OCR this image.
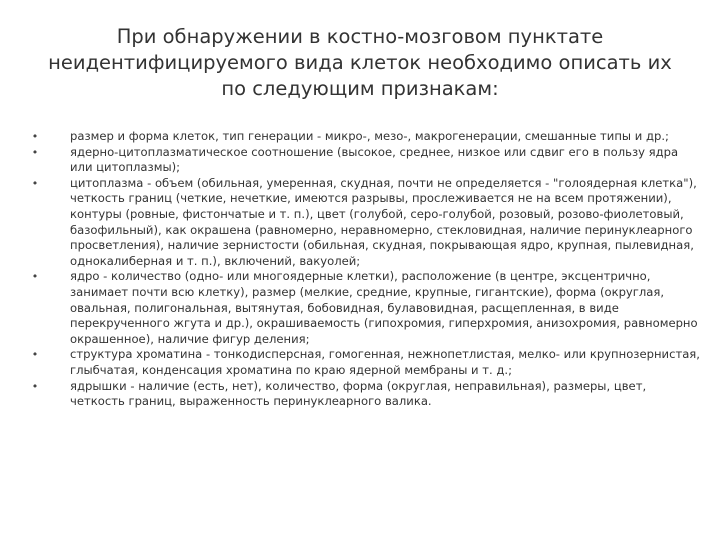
При обнаружении в костно-мозговом пунктате неидентифицируемого вида клеток необходимо описать их по следующим признакам:
•	размер и форма клеток, тип генерации - микро-, мезо-, макрогенерации, смешанные типы и др.;
•	ядерно-цитоплазматическое соотношение (высокое, среднее, низкое или сдвиг его в пользу ядра или цитоплазмы);
•	цитоплазма - объем (обильная, умеренная, скудная, почти не определяется - "голоядерная клетка"), четкость границ (четкие, нечеткие, имеются разрывы, прослеживается не на всем протяжении), контуры (ровные, фистончатые и т. п.), цвет (голубой, серо-голубой, розовый, розово-фиолетовый, базофильный), как окрашена (равномерно, неравномерно, стекловидная, наличие перинуклеарного просветления), наличие зернистости (обильная, скудная, покрывающая ядро, крупная, пылевидная, однокалиберная и т. п.), включений, вакуолей;
•	ядро - количество (одно- или многоядерные клетки), расположение (в центре, эксцентрично, занимает почти всю клетку), размер (мелкие, средние, крупные, гигантские), форма (округлая, овальная, полигональная, вытянутая, бобовидная, булавовидная, расщепленная, в виде перекрученного жгута и др.), окрашиваемость (гипохромия, гиперхромия, анизохромия, равномерно окрашенное), наличие фигур деления;
•	структура хроматина - тонкодисперсная, гомогенная, нежнопетлистая, мелко- или крупнозернистая, глыбчатая, конденсация хроматина по краю ядерной мембраны и т. д.;
•	ядрышки - наличие (есть, нет), количество, форма (округлая, неправильная), размеры, цвет, четкость границ, выраженность перинуклеарного валика.
